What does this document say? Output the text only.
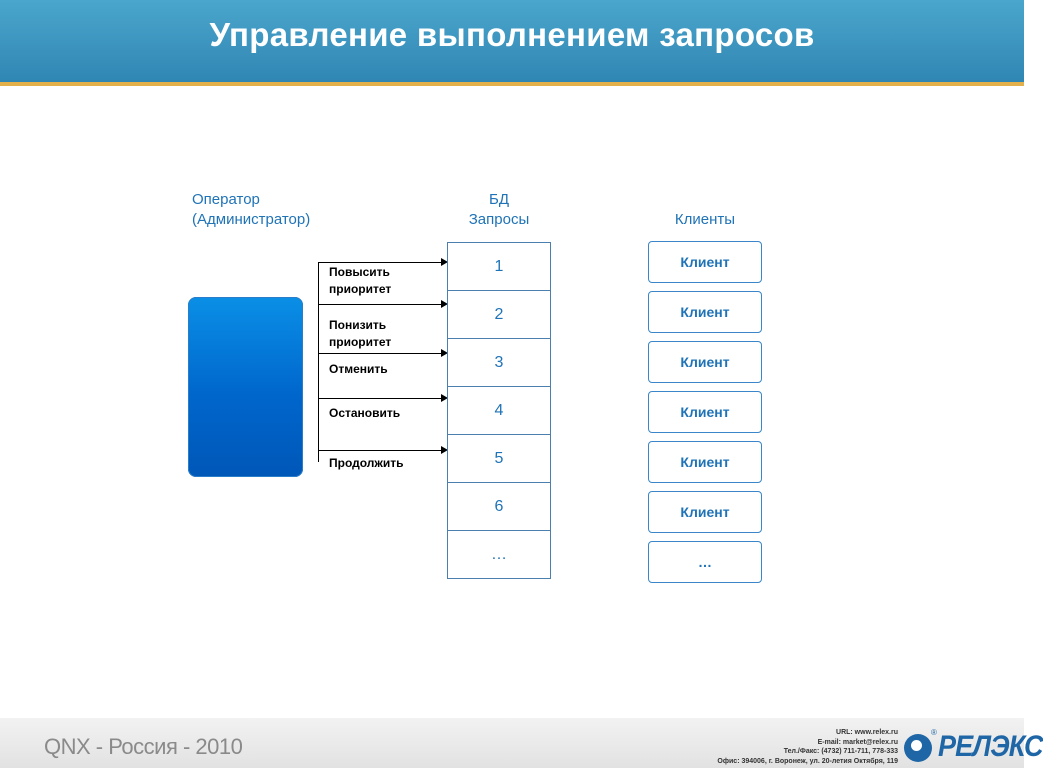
Управление выполнением запросов
Оператор
(Администратор)
БД
Запросы	Клиенты
Повысить
приоритет
Понизить
приоритет
Отменить
Остановить
Продолжить
1
2
3
4
5
6
…
Клиент
Клиент
Клиент
Клиент
Клиент
Клиент
…
QNX - Россия - 2010
URL: www.relex.ru
E-mail: market@relex.ru
Тел./Факс: (4732) 711-711, 778-333
Офис: 394006, г. Воронеж, ул. 20-летия Октября, 119
® РЕЛЭКС
